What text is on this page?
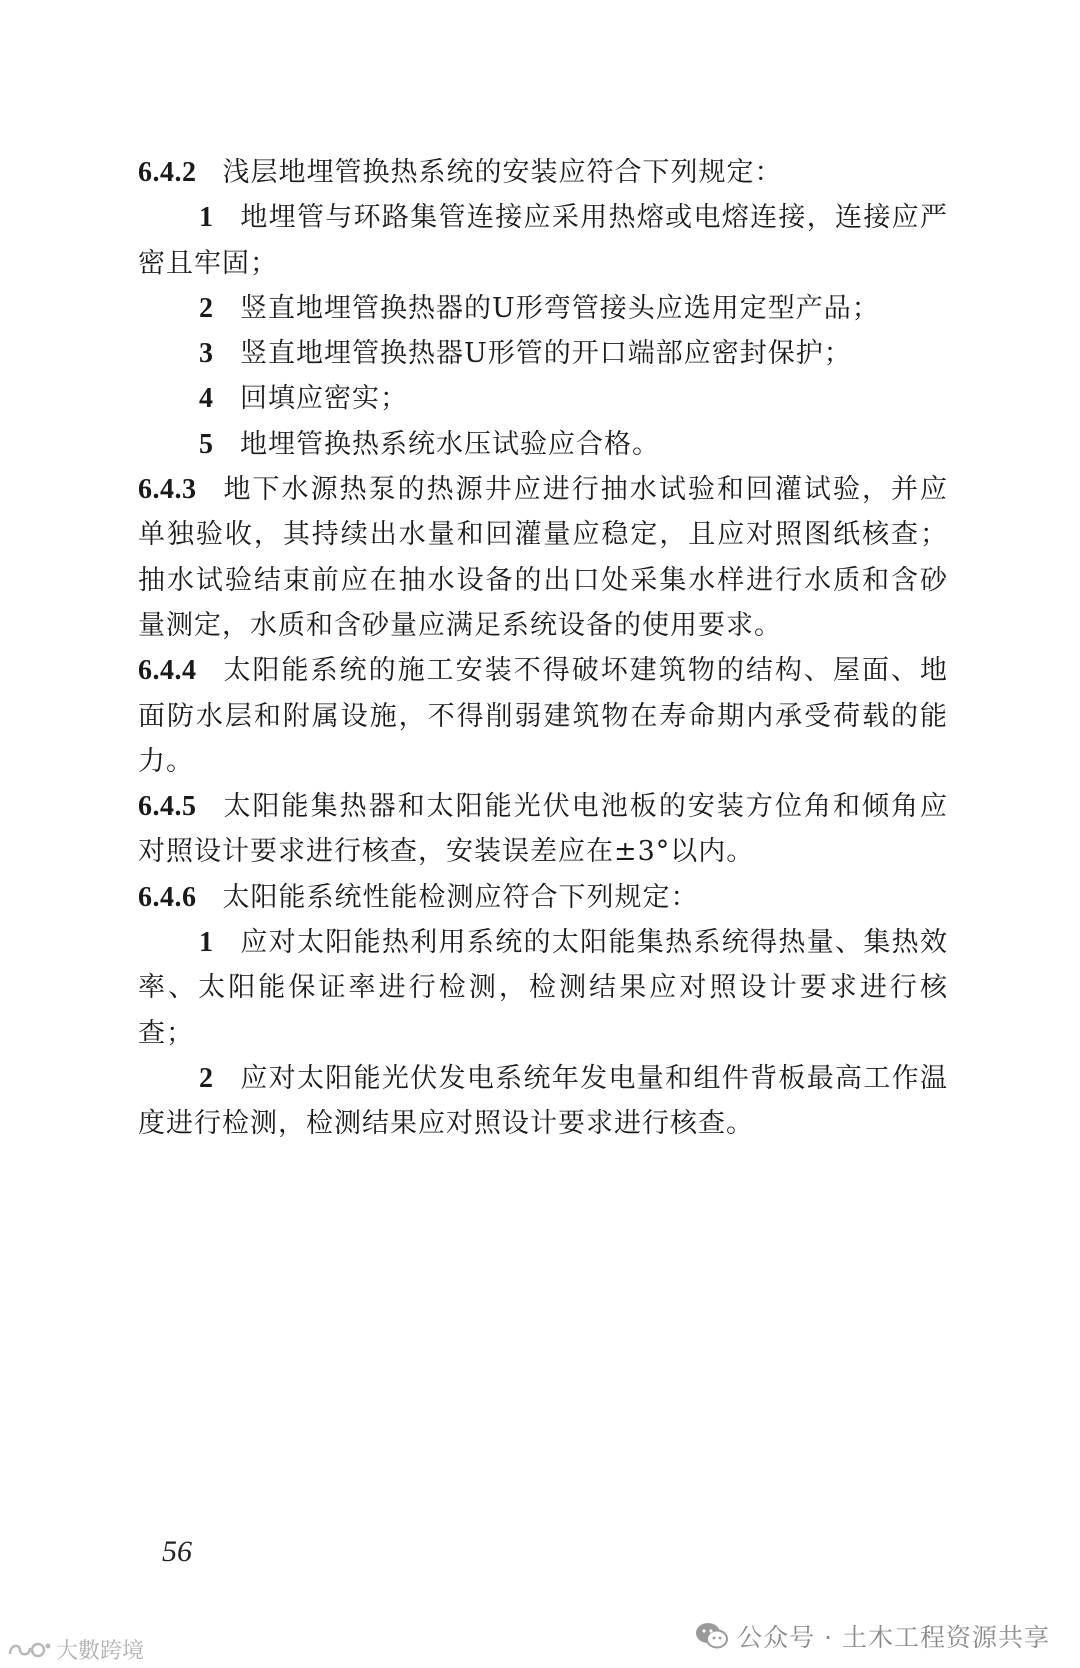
6.4.2 浅层地埋管换热系统的安装应符合下列规定：

1 地埋管与环路集管连接应采用热熔或电熔连接，连接应严密且牢固；

2 竖直地埋管换热器的U形弯管接头应选用定型产品；

3 竖直地埋管换热器U形管的开口端部应密封保护；

4 回填应密实；

5 地埋管换热系统水压试验应合格。

6.4.3 地下水源热泵的热源井应进行抽水试验和回灌试验，并应单独验收，其持续出水量和回灌量应稳定，且应对照图纸核查；抽水试验结束前应在抽水设备的出口处采集水样进行水质和含砂量测定，水质和含砂量应满足系统设备的使用要求。

6.4.4 太阳能系统的施工安装不得破坏建筑物的结构、屋面、地面防水层和附属设施，不得削弱建筑物在寿命期内承受荷载的能力。

6.4.5 太阳能集热器和太阳能光伏电池板的安装方位角和倾角应对照设计要求进行核查，安装误差应在±3°以内。

6.4.6 太阳能系统性能检测应符合下列规定：

1 应对太阳能热利用系统的太阳能集热系统得热量、集热效率、太阳能保证率进行检测，检测结果应对照设计要求进行核查；

2 应对太阳能光伏发电系统年发电量和组件背板最高工作温度进行检测，检测结果应对照设计要求进行核查。

56
大數跨境	公众号 · 土木工程资源共享
